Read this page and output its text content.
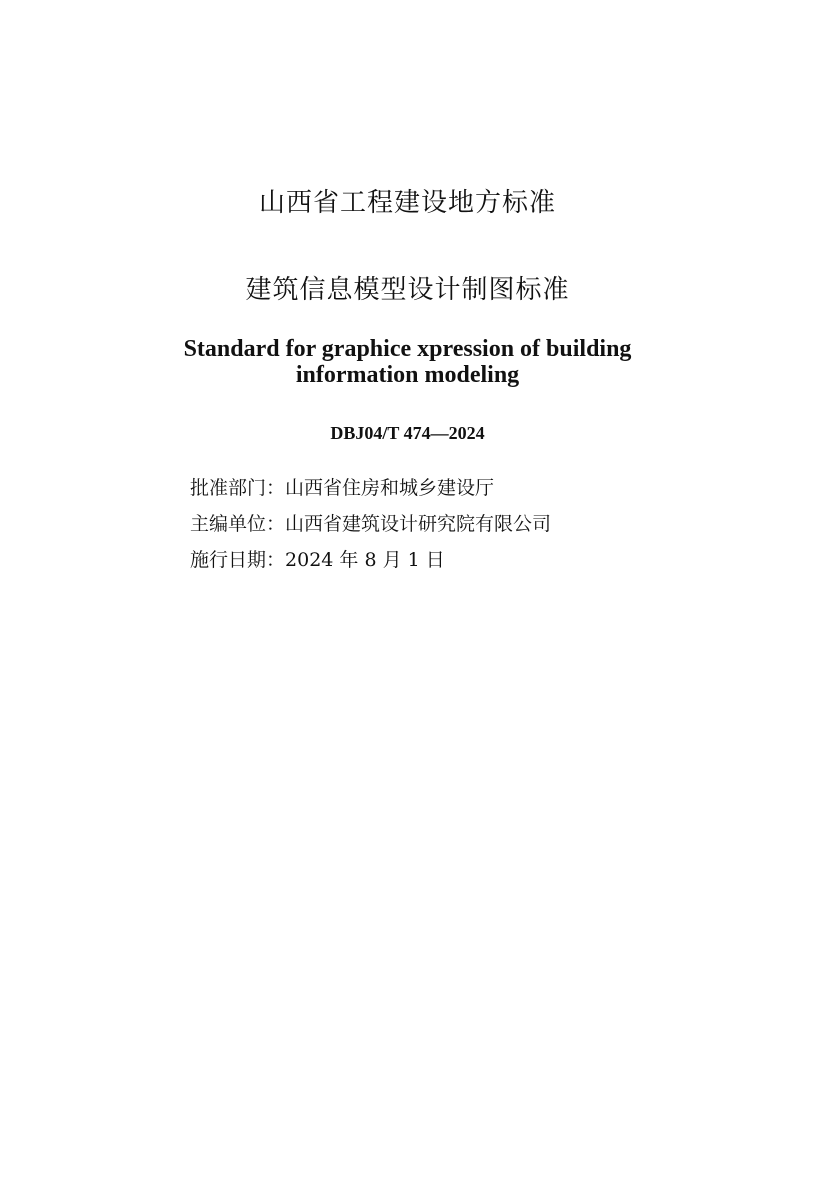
山西省工程建设地方标准
建筑信息模型设计制图标准
Standard for graphice xpression of building
information modeling
DBJ04/T 474—2024
批准部门：山西省住房和城乡建设厅
主编单位：山西省建筑设计研究院有限公司
施行日期：2024 年 8 月 1 日
